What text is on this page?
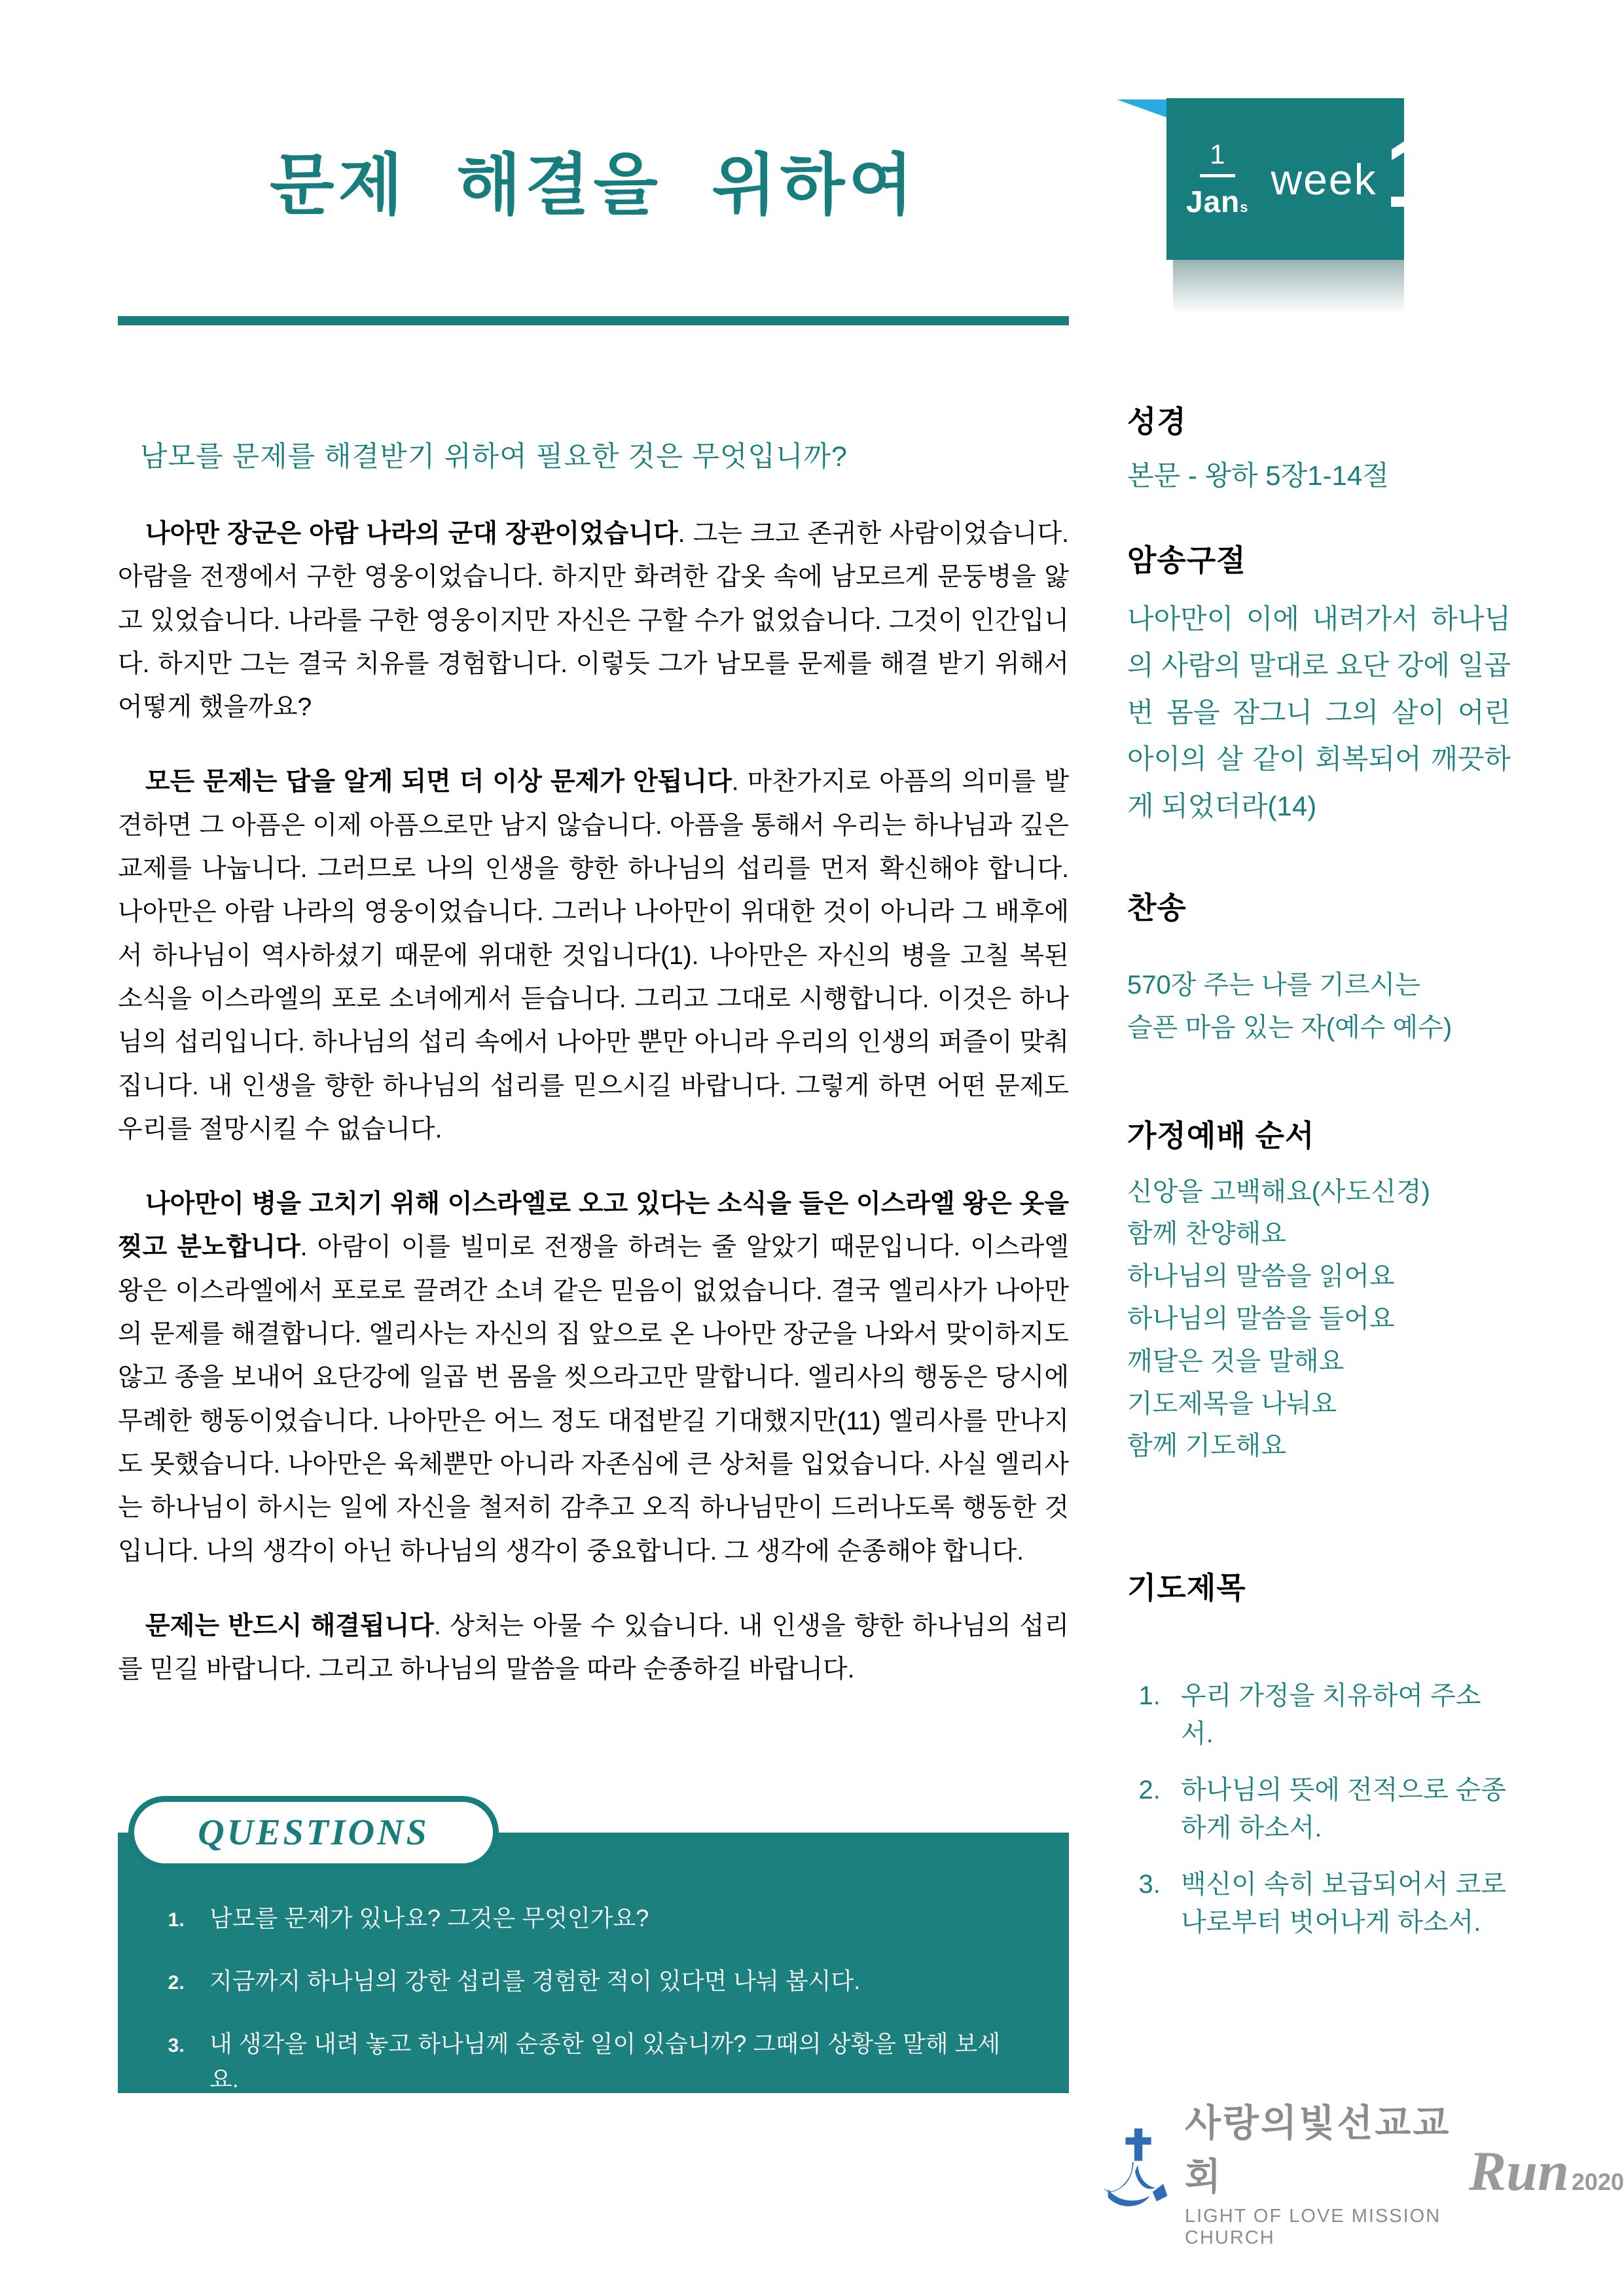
문제 해결을 위하여	1
Jans
week 1

남모를 문제를 해결받기 위하여 필요한 것은 무엇입니까?

나아만 장군은 아람 나라의 군대 장관이었습니다. 그는 크고 존귀한 사람이었습니다. 아람을 전쟁에서 구한 영웅이었습니다. 하지만 화려한 갑옷 속에 남모르게 문둥병을 앓고 있었습니다. 나라를 구한 영웅이지만 자신은 구할 수가 없었습니다. 그것이 인간입니다. 하지만 그는 결국 치유를 경험합니다. 이렇듯 그가 남모를 문제를 해결 받기 위해서 어떻게 했을까요?

모든 문제는 답을 알게 되면 더 이상 문제가 안됩니다. 마찬가지로 아픔의 의미를 발견하면 그 아픔은 이제 아픔으로만 남지 않습니다. 아픔을 통해서 우리는 하나님과 깊은 교제를 나눕니다. 그러므로 나의 인생을 향한 하나님의 섭리를 먼저 확신해야 합니다. 나아만은 아람 나라의 영웅이었습니다. 그러나 나아만이 위대한 것이 아니라 그 배후에서 하나님이 역사하셨기 때문에 위대한 것입니다(1). 나아만은 자신의 병을 고칠 복된 소식을 이스라엘의 포로 소녀에게서 듣습니다. 그리고 그대로 시행합니다. 이것은 하나님의 섭리입니다. 하나님의 섭리 속에서 나아만 뿐만 아니라 우리의 인생의 퍼즐이 맞춰집니다. 내 인생을 향한 하나님의 섭리를 믿으시길 바랍니다. 그렇게 하면 어떤 문제도 우리를 절망시킬 수 없습니다.

나아만이 병을 고치기 위해 이스라엘로 오고 있다는 소식을 들은 이스라엘 왕은 옷을 찢고 분노합니다. 아람이 이를 빌미로 전쟁을 하려는 줄 알았기 때문입니다. 이스라엘 왕은 이스라엘에서 포로로 끌려간 소녀 같은 믿음이 없었습니다. 결국 엘리사가 나아만의 문제를 해결합니다. 엘리사는 자신의 집 앞으로 온 나아만 장군을 나와서 맞이하지도 않고 종을 보내어 요단강에 일곱 번 몸을 씻으라고만 말합니다. 엘리사의 행동은 당시에 무례한 행동이었습니다. 나아만은 어느 정도 대접받길 기대했지만(11) 엘리사를 만나지도 못했습니다. 나아만은 육체뿐만 아니라 자존심에 큰 상처를 입었습니다. 사실 엘리사는 하나님이 하시는 일에 자신을 철저히 감추고 오직 하나님만이 드러나도록 행동한 것입니다. 나의 생각이 아닌 하나님의 생각이 중요합니다. 그 생각에 순종해야 합니다.

문제는 반드시 해결됩니다. 상처는 아물 수 있습니다. 내 인생을 향한 하나님의 섭리를 믿길 바랍니다. 그리고 하나님의 말씀을 따라 순종하길 바랍니다.

QUESTIONS
1. 남모를 문제가 있나요? 그것은 무엇인가요?
2. 지금까지 하나님의 강한 섭리를 경험한 적이 있다면 나눠 봅시다.
3. 내 생각을 내려 놓고 하나님께 순종한 일이 있습니까? 그때의 상황을 말해 보세요.
성경

본문 - 왕하 5장1-14절

암송구절

나아만이 이에 내려가서 하나님의 사람의 말대로 요단 강에 일곱 번 몸을 잠그니 그의 살이 어린 아이의 살 같이 회복되어 깨끗하게 되었더라(14)

찬송

570장 주는 나를 기르시는
슬픈 마음 있는 자(예수 예수)

가정예배 순서
신앙을 고백해요(사도신경)
함께 찬양해요
하나님의 말씀을 읽어요
하나님의 말씀을 들어요
깨달은 것을 말해요
기도제목을 나눠요
함께 기도해요
기도제목
1. 우리 가정을 치유하여 주소서.
2. 하나님의 뜻에 전적으로 순종하게 하소서.
3. 백신이 속히 보급되어서 코로나로부터 벗어나게 하소서.
사랑의빛선교교회
LIGHT OF LOVE MISSION CHURCH
Run 2020
